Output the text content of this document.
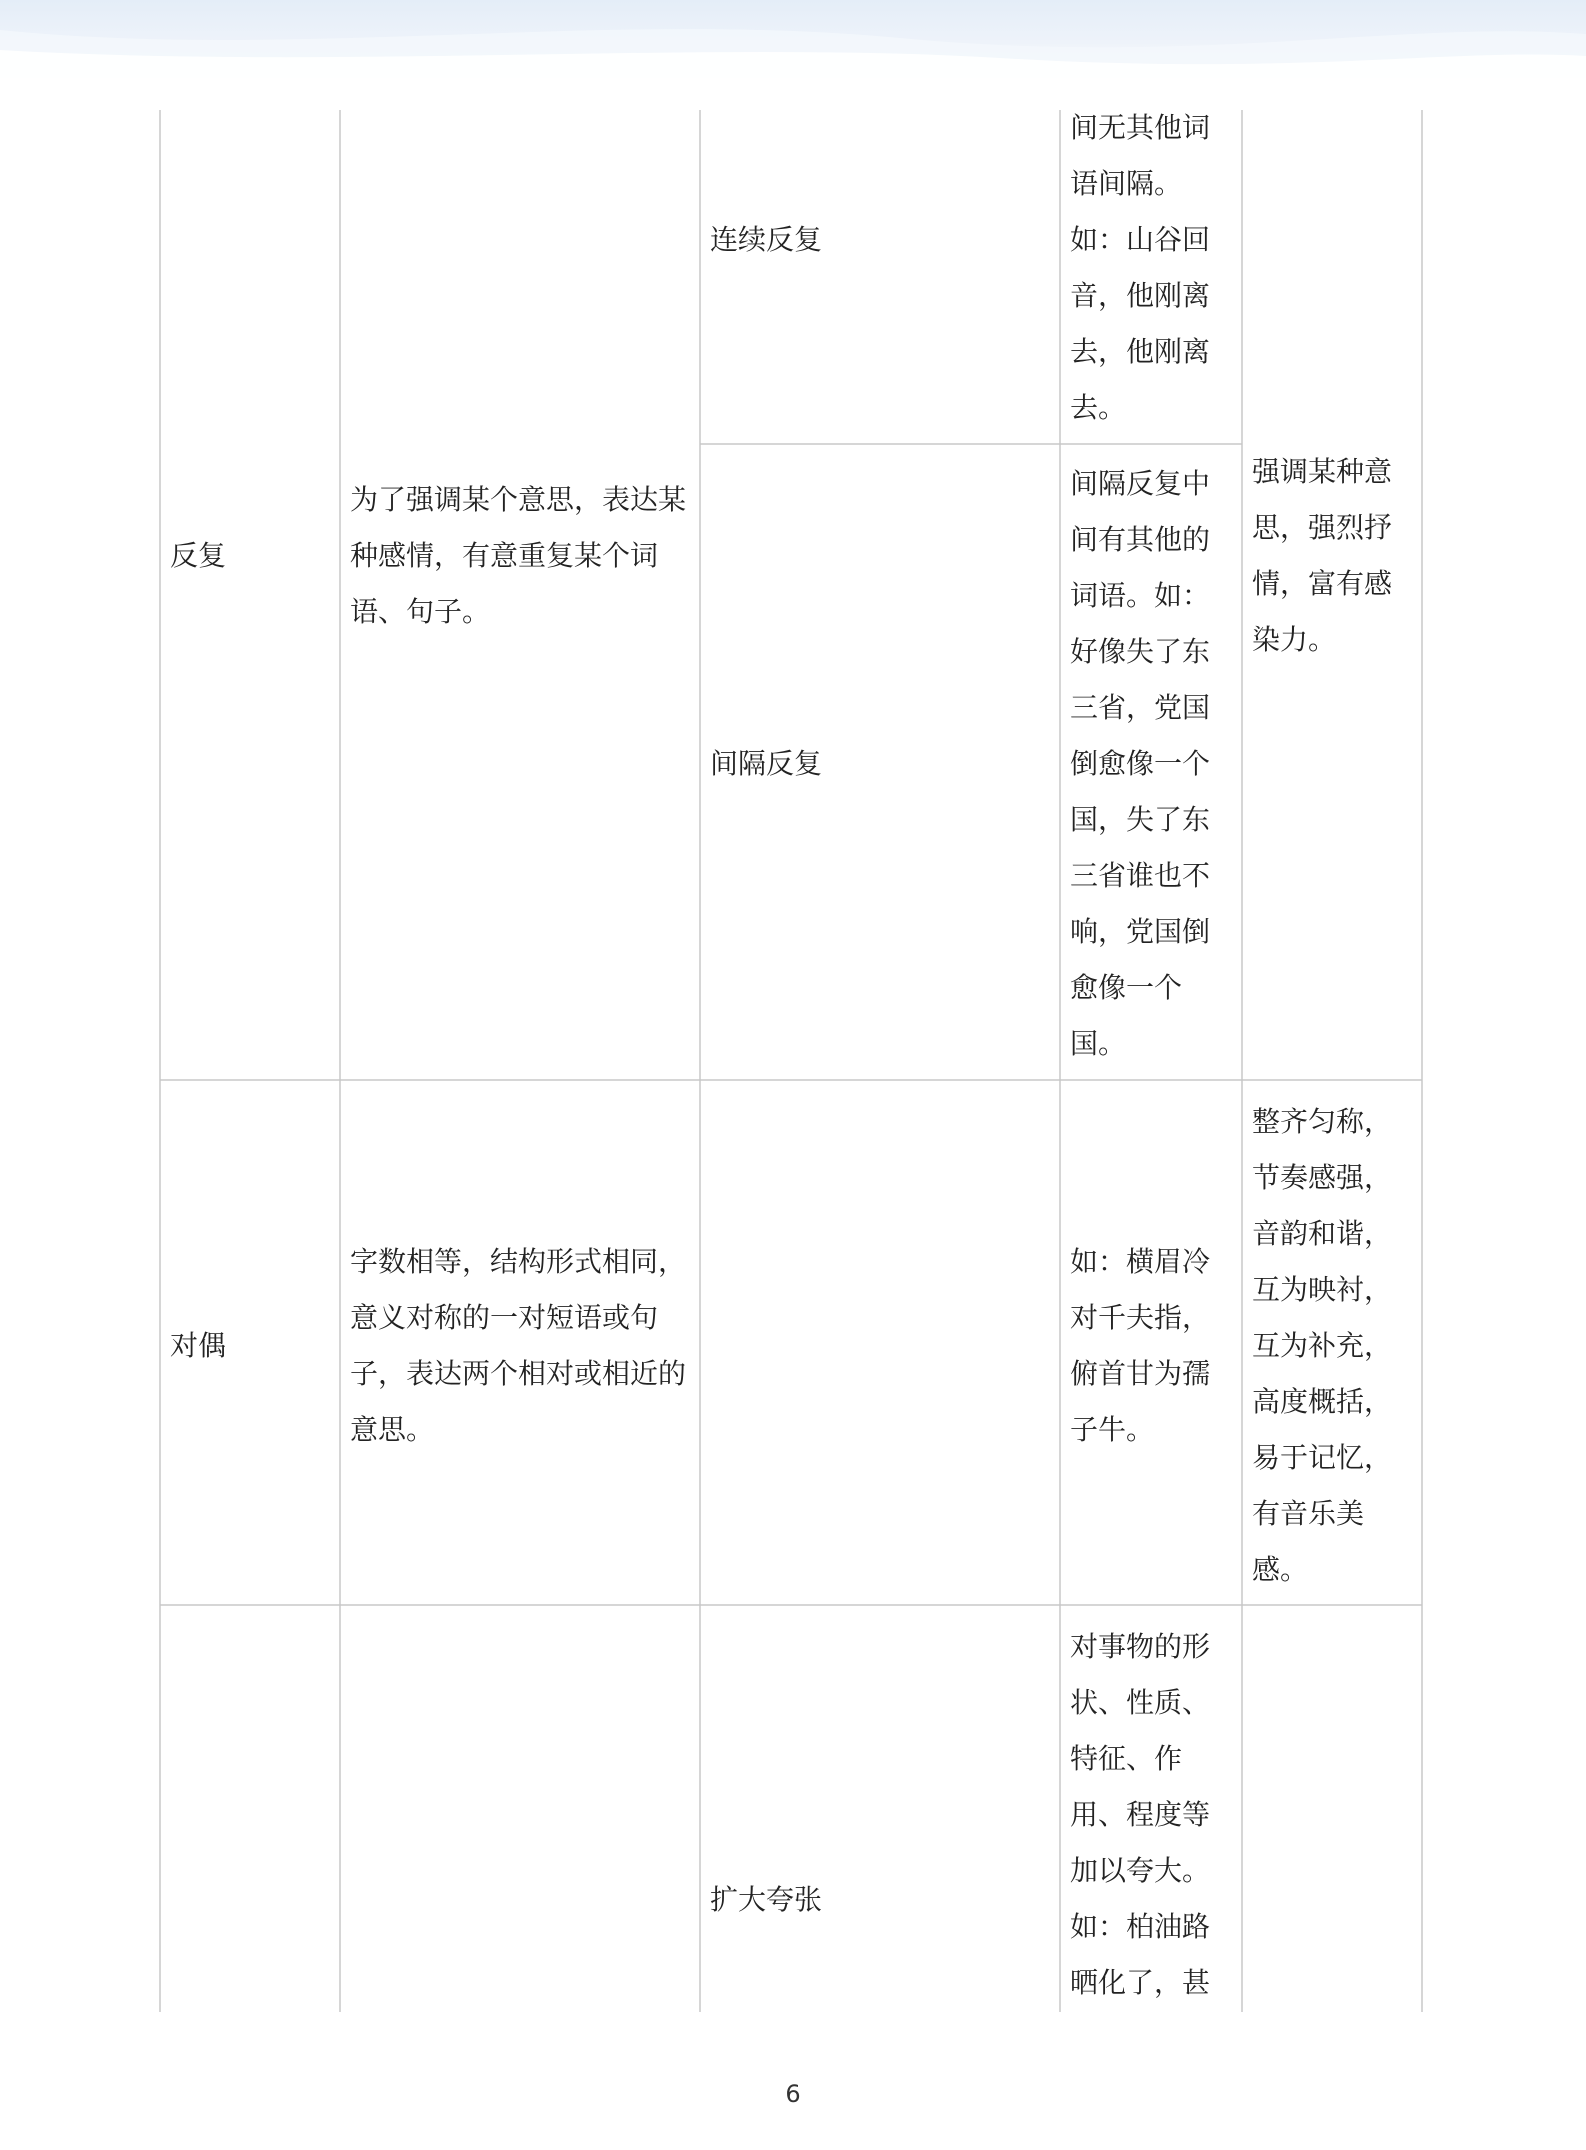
反复
为了强调某个意思，表达某
种感情，有意重复某个词
语、句子。
连续反复
间无其他词
语间隔。
如：山谷回
音，他刚离
去，他刚离
去。
间隔反复
间隔反复中
间有其他的
词语。如：
好像失了东
三省，党国
倒愈像一个
国，失了东
三省谁也不
响，党国倒
愈像一个
国。
强调某种意
思，强烈抒
情，富有感
染力。
对偶
字数相等，结构形式相同，
意义对称的一对短语或句
子，表达两个相对或相近的
意思。
如：横眉冷
对千夫指，
俯首甘为孺
子牛。
整齐匀称，
节奏感强，
音韵和谐，
互为映衬，
互为补充，
高度概括，
易于记忆，
有音乐美
感。
扩大夸张
对事物的形
状、性质、
特征、作
用、程度等
加以夸大。
如：柏油路
晒化了，甚
6
